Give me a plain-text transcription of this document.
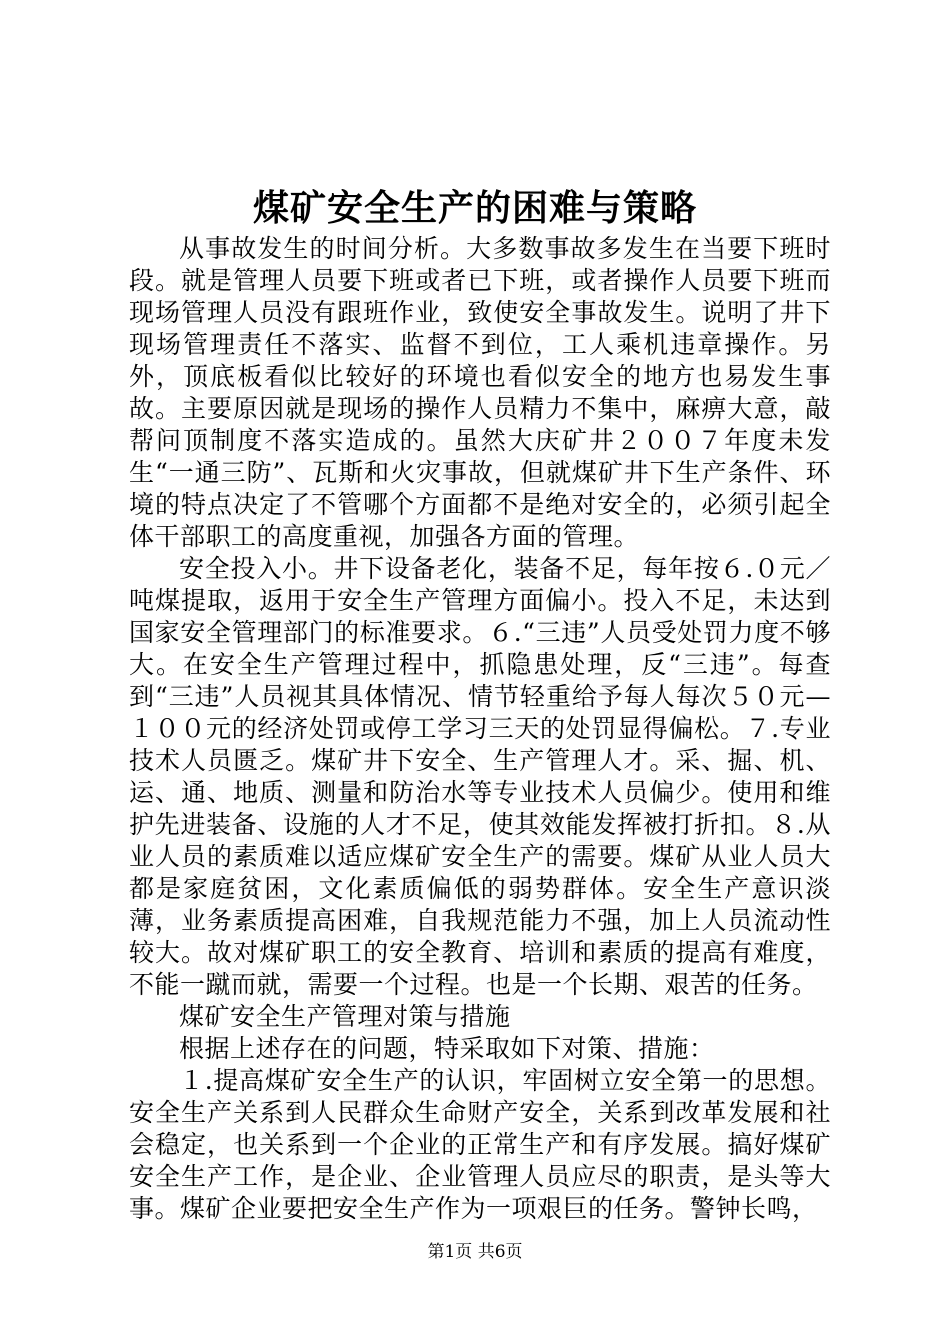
煤矿安全生产的困难与策略

从事故发生的时间分析。大多数事故多发生在当要下班时段。就是管理人员要下班或者已下班，或者操作人员要下班而现场管理人员没有跟班作业，致使安全事故发生。说明了井下现场管理责任不落实、监督不到位，工人乘机违章操作。另外，顶底板看似比较好的环境也看似安全的地方也易发生事故。主要原因就是现场的操作人员精力不集中，麻痹大意，敲帮问顶制度不落实造成的。虽然大庆矿井２００７年度未发生“一通三防”、瓦斯和火灾事故，但就煤矿井下生产条件、环境的特点决定了不管哪个方面都不是绝对安全的，必须引起全体干部职工的高度重视，加强各方面的管理。

安全投入小。井下设备老化，装备不足，每年按６.０元／吨煤提取，返用于安全生产管理方面偏小。投入不足，未达到国家安全管理部门的标准要求。６.“三违”人员受处罚力度不够大。在安全生产管理过程中，抓隐患处理，反“三违”。每查到“三违”人员视其具体情况、情节轻重给予每人每次５０元—１００元的经济处罚或停工学习三天的处罚显得偏松。７.专业技术人员匮乏。煤矿井下安全、生产管理人才。采、掘、机、运、通、地质、测量和防治水等专业技术人员偏少。使用和维护先进装备、设施的人才不足，使其效能发挥被打折扣。８.从业人员的素质难以适应煤矿安全生产的需要。煤矿从业人员大都是家庭贫困，文化素质偏低的弱势群体。安全生产意识淡薄，业务素质提高困难，自我规范能力不强，加上人员流动性较大。故对煤矿职工的安全教育、培训和素质的提高有难度，不能一蹴而就，需要一个过程。也是一个长期、艰苦的任务。

煤矿安全生产管理对策与措施

根据上述存在的问题，特采取如下对策、措施：

１.提高煤矿安全生产的认识，牢固树立安全第一的思想。安全生产关系到人民群众生命财产安全，关系到改革发展和社会稳定，也关系到一个企业的正常生产和有序发展。搞好煤矿安全生产工作，是企业、企业管理人员应尽的职责，是头等大事。煤矿企业要把安全生产作为一项艰巨的任务。警钟长鸣，

第1页 共6页
